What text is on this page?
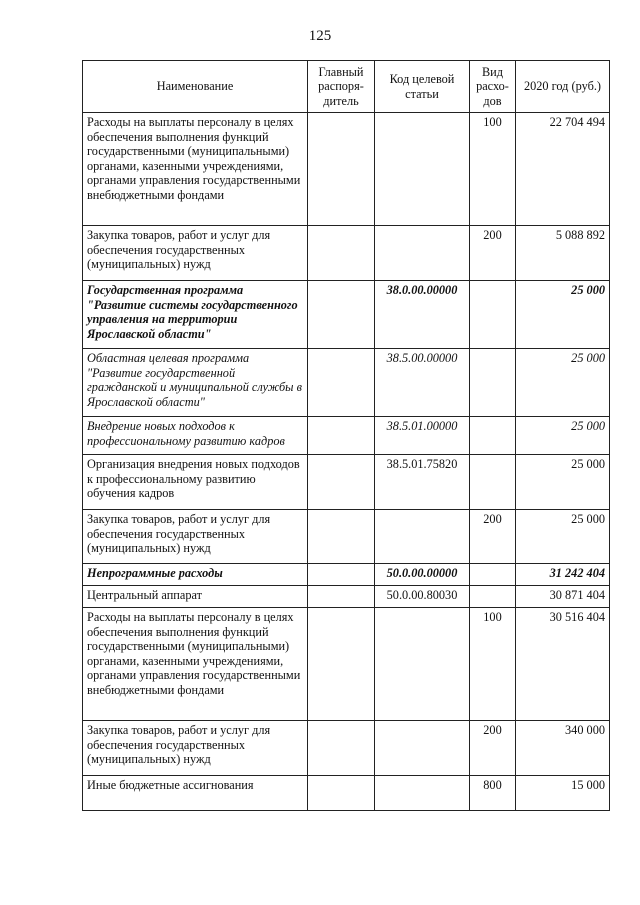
125
Наименование	Главный распоря-дитель	Код целевой статьи	Вид расхо-дов	2020 год (руб.)
Расходы на выплаты персоналу в целях обеспечения выполнения функций государственными (муниципальными) органами, казенными учреждениями, органами управления государственными внебюджетными фондами			100	22 704 494
Закупка товаров, работ и услуг для обеспечения государственных (муниципальных) нужд			200	5 088 892
Государственная программа "Развитие системы государственного управления на территории Ярославской области"		38.0.00.00000		25 000
Областная целевая программа "Развитие государственной гражданской и муниципальной службы в Ярославской области"		38.5.00.00000		25 000
Внедрение новых подходов к профессиональному развитию кадров		38.5.01.00000		25 000
Организация внедрения новых подходов к профессиональному развитию обучения кадров		38.5.01.75820		25 000
Закупка товаров, работ и услуг для обеспечения государственных (муниципальных) нужд			200	25 000
Непрограммные расходы		50.0.00.00000		31 242 404
Центральный аппарат		50.0.00.80030		30 871 404
Расходы на выплаты персоналу в целях обеспечения выполнения функций государственными (муниципальными) органами, казенными учреждениями, органами управления государственными внебюджетными фондами			100	30 516 404
Закупка товаров, работ и услуг для обеспечения государственных (муниципальных) нужд			200	340 000
Иные бюджетные ассигнования			800	15 000
